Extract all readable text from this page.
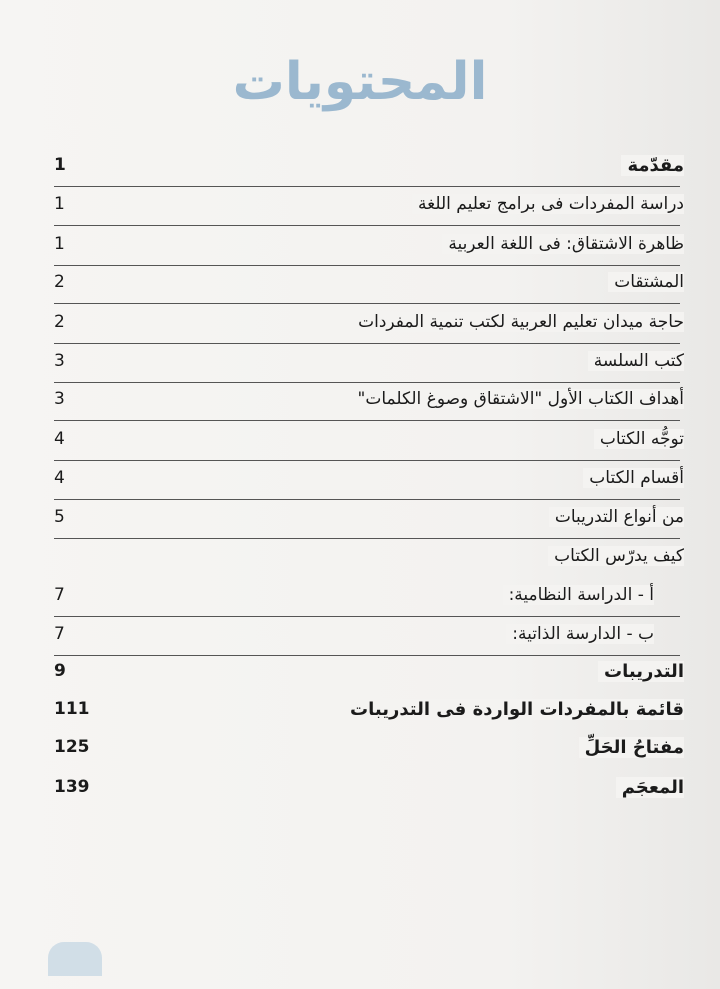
المحتويات
مقدّمة
1
دراسة المفردات فى برامج تعليم اللغة
1
ظاهرة الاشتقاق: فى اللغة العربية
1
المشتقات
2
حاجة ميدان تعليم العربية لكتب تنمية المفردات
2
كتب السلسة
3
أهداف الكتاب الأول "الاشتقاق وصوغ الكلمات"
3
توجُّه الكتاب
4
أقسام الكتاب
4
من أنواع التدريبات
5
كيف يدرّس الكتاب
أ - الدراسة النظامية:
7
ب - الدارسة الذاتية:
7
التدريبات
9
قائمة بالمفردات الواردة فى التدريبات
111
مفتاحُ الحَلِّ
125
المعجَم
139
